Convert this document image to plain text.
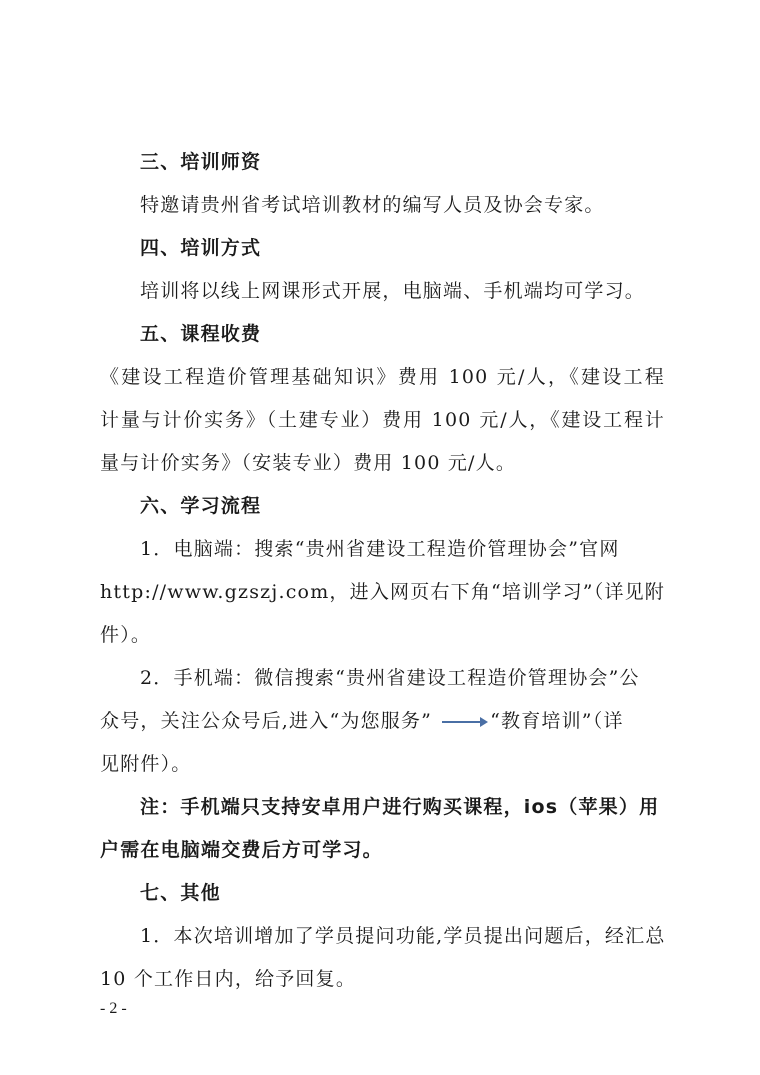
三、培训师资
特邀请贵州省考试培训教材的编写人员及协会专家。
四、培训方式
培训将以线上网课形式开展，电脑端、手机端均可学习。
五、课程收费
《建设工程造价管理基础知识》费用 100 元/人，《建设工程
计量与计价实务》（土建专业）费用 100 元/人，《建设工程计
量与计价实务》（安装专业）费用 100 元/人。
六、学习流程
1．电脑端：搜索“贵州省建设工程造价管理协会”官网
http://www.gzszj.com，进入网页右下角“培训学习”（详见附
件）。
2．手机端：微信搜索“贵州省建设工程造价管理协会”公
众号，关注公众号后,进入“为您服务”	“教育培训”（详
见附件）。
注：手机端只支持安卓用户进行购买课程，ios（苹果）用
户需在电脑端交费后方可学习。
七、其他
1．本次培训增加了学员提问功能,学员提出问题后，经汇总
10 个工作日内，给予回复。
- 2 -
